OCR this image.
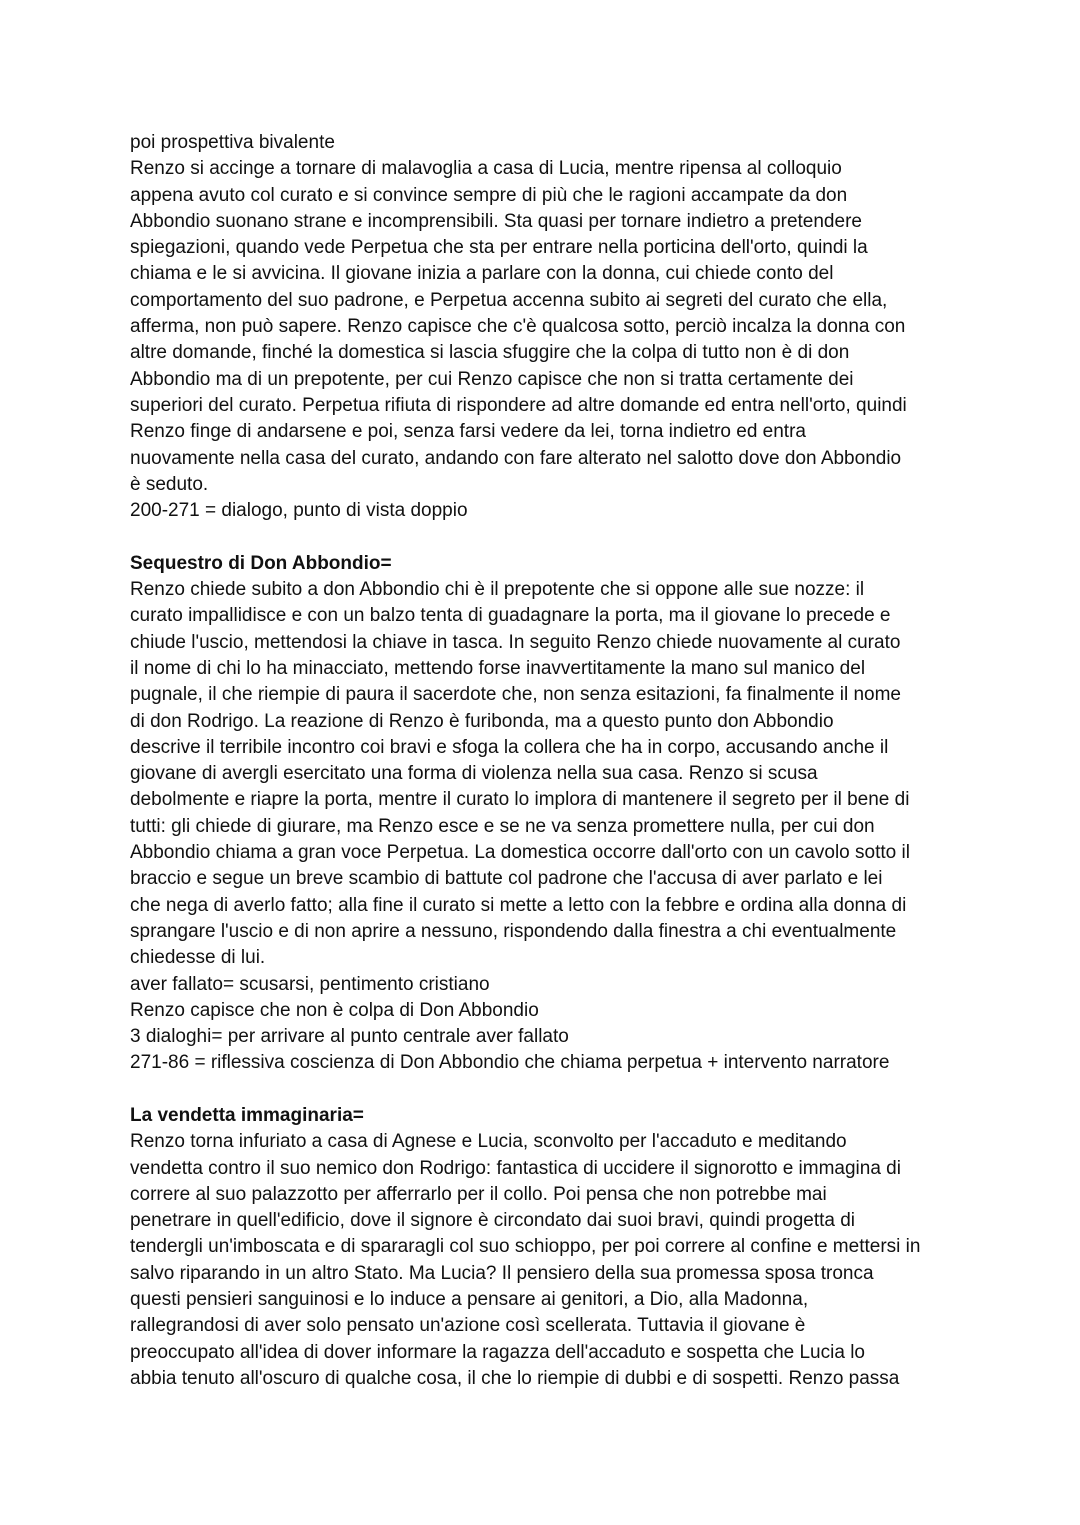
poi prospettiva bivalente
Renzo si accinge a tornare di malavoglia a casa di Lucia, mentre ripensa al colloquio
appena avuto col curato e si convince sempre di più che le ragioni accampate da don
Abbondio suonano strane e incomprensibili. Sta quasi per tornare indietro a pretendere
spiegazioni, quando vede Perpetua che sta per entrare nella porticina dell'orto, quindi la
chiama e le si avvicina. Il giovane inizia a parlare con la donna, cui chiede conto del
comportamento del suo padrone, e Perpetua accenna subito ai segreti del curato che ella,
afferma, non può sapere. Renzo capisce che c'è qualcosa sotto, perciò incalza la donna con
altre domande, finché la domestica si lascia sfuggire che la colpa di tutto non è di don
Abbondio ma di un prepotente, per cui Renzo capisce che non si tratta certamente dei
superiori del curato. Perpetua rifiuta di rispondere ad altre domande ed entra nell'orto, quindi
Renzo finge di andarsene e poi, senza farsi vedere da lei, torna indietro ed entra
nuovamente nella casa del curato, andando con fare alterato nel salotto dove don Abbondio
è seduto.
200-271 = dialogo, punto di vista doppio
Sequestro di Don Abbondio=
Renzo chiede subito a don Abbondio chi è il prepotente che si oppone alle sue nozze: il
curato impallidisce e con un balzo tenta di guadagnare la porta, ma il giovane lo precede e
chiude l'uscio, mettendosi la chiave in tasca. In seguito Renzo chiede nuovamente al curato
il nome di chi lo ha minacciato, mettendo forse inavvertitamente la mano sul manico del
pugnale, il che riempie di paura il sacerdote che, non senza esitazioni, fa finalmente il nome
di don Rodrigo. La reazione di Renzo è furibonda, ma a questo punto don Abbondio
descrive il terribile incontro coi bravi e sfoga la collera che ha in corpo, accusando anche il
giovane di avergli esercitato una forma di violenza nella sua casa. Renzo si scusa
debolmente e riapre la porta, mentre il curato lo implora di mantenere il segreto per il bene di
tutti: gli chiede di giurare, ma Renzo esce e se ne va senza promettere nulla, per cui don
Abbondio chiama a gran voce Perpetua. La domestica occorre dall'orto con un cavolo sotto il
braccio e segue un breve scambio di battute col padrone che l'accusa di aver parlato e lei
che nega di averlo fatto; alla fine il curato si mette a letto con la febbre e ordina alla donna di
sprangare l'uscio e di non aprire a nessuno, rispondendo dalla finestra a chi eventualmente
chiedesse di lui.
aver fallato= scusarsi, pentimento cristiano
Renzo capisce che non è colpa di Don Abbondio
3 dialoghi= per arrivare al punto centrale aver fallato
271-86 = riflessiva coscienza di Don Abbondio che chiama perpetua + intervento narratore
La vendetta immaginaria=
Renzo torna infuriato a casa di Agnese e Lucia, sconvolto per l'accaduto e meditando
vendetta contro il suo nemico don Rodrigo: fantastica di uccidere il signorotto e immagina di
correre al suo palazzotto per afferrarlo per il collo. Poi pensa che non potrebbe mai
penetrare in quell'edificio, dove il signore è circondato dai suoi bravi, quindi progetta di
tendergli un'imboscata e di spararagli col suo schioppo, per poi correre al confine e mettersi in
salvo riparando in un altro Stato. Ma Lucia? Il pensiero della sua promessa sposa tronca
questi pensieri sanguinosi e lo induce a pensare ai genitori, a Dio, alla Madonna,
rallegrandosi di aver solo pensato un'azione così scellerata. Tuttavia il giovane è
preoccupato all'idea di dover informare la ragazza dell'accaduto e sospetta che Lucia lo
abbia tenuto all'oscuro di qualche cosa, il che lo riempie di dubbi e di sospetti. Renzo passa
